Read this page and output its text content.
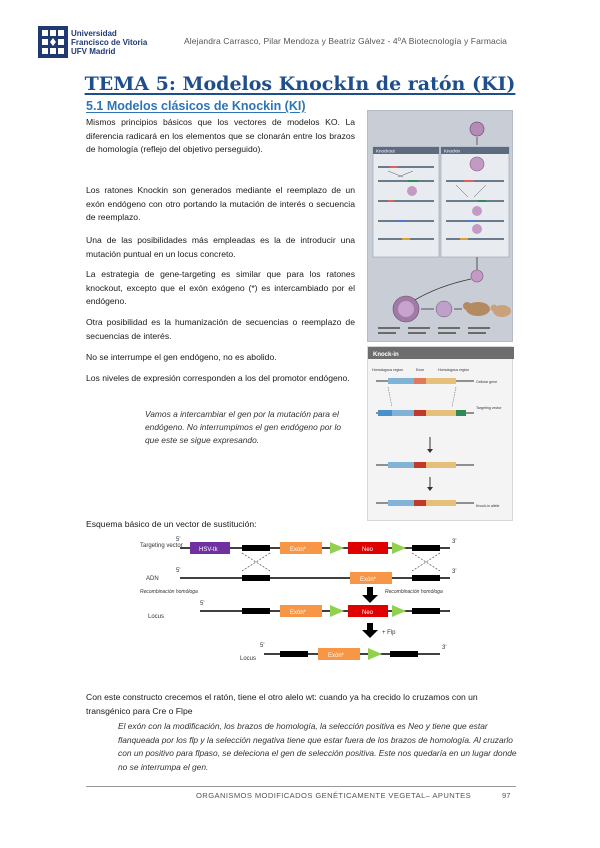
Universidad
Francisco de Vitoria
UFV Madrid
Alejandra Carrasco, Pilar Mendoza y Beatriz Gálvez - 4ºA Biotecnología y Farmacia
TEMA 5: Modelos KnockIn de ratón (KI)
5.1 Modelos clásicos de Knockin (KI)

Mismos principios básicos que los vectores de modelos KO. La diferencia radicará en los elementos que se clonarán entre los brazos de homología (reflejo del objetivo perseguido).

Los ratones Knockin son generados mediante el reemplazo de un exón endógeno con otro portando la mutación de interés o secuencia de reemplazo.

Una de las posibilidades más empleadas es la de introducir una mutación puntual en un locus concreto.

La estrategia de gene-targeting es similar que para los ratones knockout, excepto que el exón exógeno (*) es intercambiado por el endógeno.

Otra posibilidad es la humanización de secuencias o reemplazo de secuencias de interés.

No se interrumpe el gen endógeno, no es abolido.

Los niveles de expresión corresponden a los del promotor endógeno.

Vamos a intercambiar el gen por la mutación para el endógeno. No interrumpimos el gen endógeno por lo que este se sigue expresando.

Knockout	Knockin
Knock-in
Homologous region	Exon	Homologous region
Cellular gene
Targeting vector
Knock-in allele
Esquema básico de un vector de sustitución:
Targeting vector
5'
HSV-tk	Exón*	Neo
3'
ADN
5'
Exón*
3'
Recombinación homóloga	Recombinación homóloga
Locus
5'
Exón*	Neo
+ Flp
Locus
5'
Exón*
3'

Con este constructo crecemos el ratón, tiene el otro alelo wt: cuando ya ha crecido lo cruzamos con un transgénico para Cre o Flpe

El exón con la modificación, los brazos de homología, la selección positiva es Neo y tiene que estar flanqueada por los flp y la selección negativa tiene que estar fuera de los brazos de homología. Al cruzarlo con un positivo para flpaso, se deleciona el gen de selección positiva. Este nos quedaría en un lugar donde no se interrumpa el gen.

ORGANISMOS MODIFICADOS GENÉTICAMENTE VEGETAL– APUNTES	97
